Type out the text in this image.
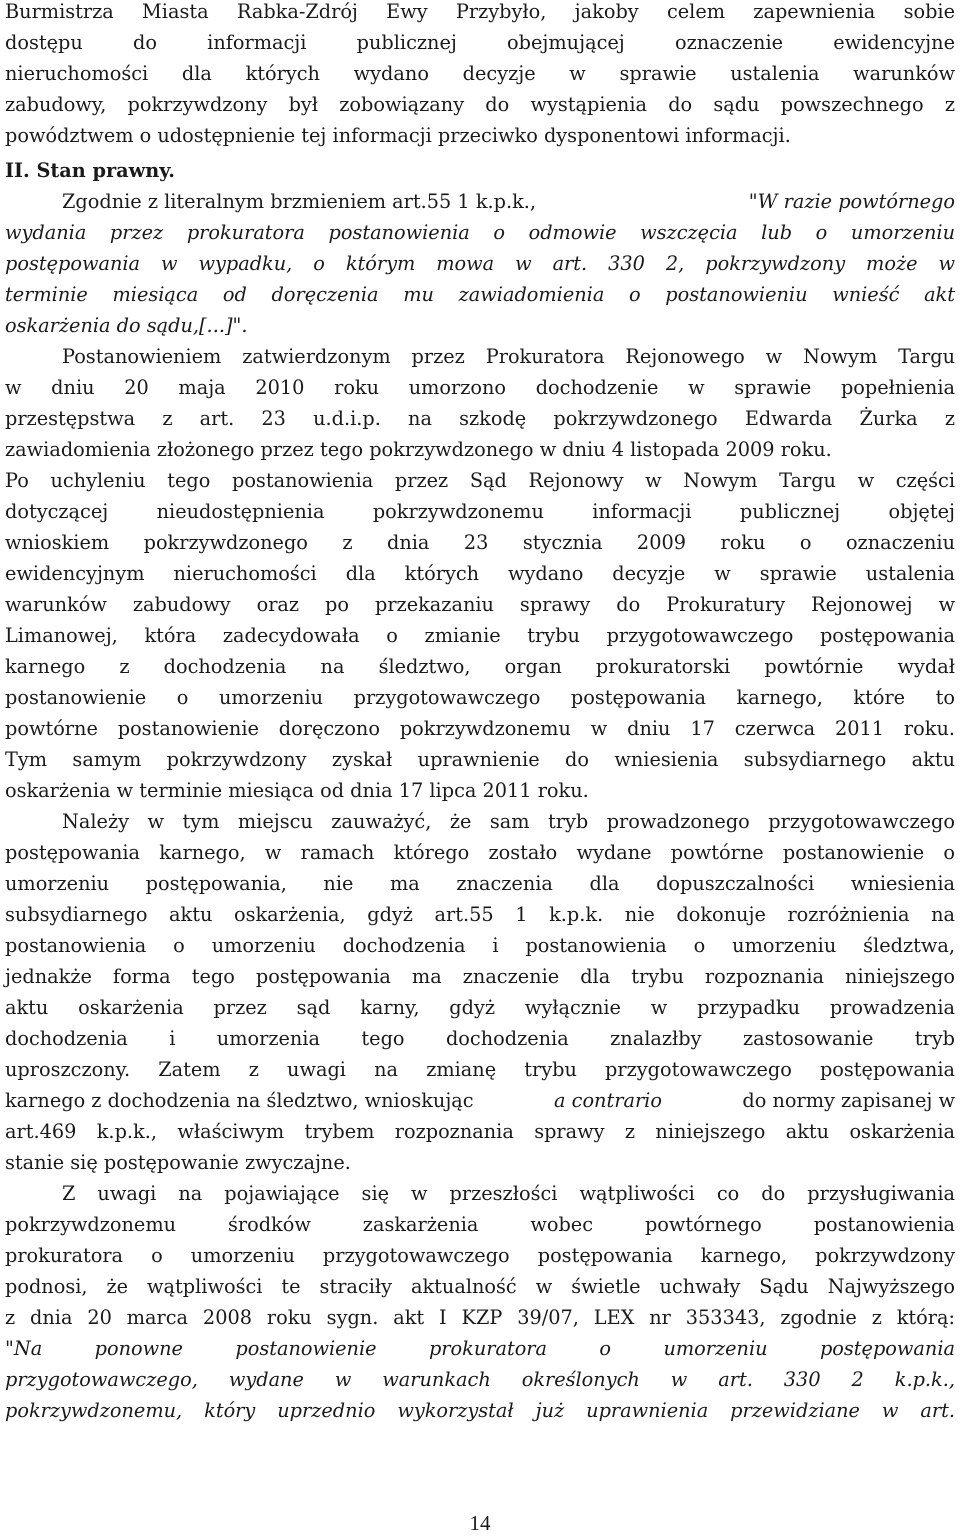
Burmistrza Miasta Rabka-Zdrój Ewy Przybyło, jakoby celem zapewnienia sobie
dostępu do informacji publicznej obejmującej oznaczenie ewidencyjne
nieruchomości dla których wydano decyzje w sprawie ustalenia warunków
zabudowy, pokrzywdzony był zobowiązany do wystąpienia do sądu powszechnego z
powództwem o udostępnienie tej informacji przeciwko dysponentowi informacji.
II. Stan prawny.
Zgodnie z literalnym brzmieniem art.55 1 k.p.k.,	"W razie powtórnego
wydania przez prokuratora postanowienia o odmowie wszczęcia lub o umorzeniu
postępowania w wypadku, o którym mowa w art. 330 2, pokrzywdzony może w
terminie miesiąca od doręczenia mu zawiadomienia o postanowieniu wnieść akt
oskarżenia do sądu,[...]".
Postanowieniem zatwierdzonym przez Prokuratora Rejonowego w Nowym Targu
w dniu 20 maja 2010 roku umorzono dochodzenie w sprawie popełnienia
przestępstwa z art. 23 u.d.i.p. na szkodę pokrzywdzonego Edwarda Żurka z
zawiadomienia złożonego przez tego pokrzywdzonego w dniu 4 listopada 2009 roku.
Po uchyleniu tego postanowienia przez Sąd Rejonowy w Nowym Targu w części
dotyczącej nieudostępnienia pokrzywdzonemu informacji publicznej objętej
wnioskiem pokrzywdzonego z dnia 23 stycznia 2009 roku o oznaczeniu
ewidencyjnym nieruchomości dla których wydano decyzje w sprawie ustalenia
warunków zabudowy oraz po przekazaniu sprawy do Prokuratury Rejonowej w
Limanowej, która zadecydowała o zmianie trybu przygotowawczego postępowania
karnego z dochodzenia na śledztwo, organ prokuratorski powtórnie wydał
postanowienie o umorzeniu przygotowawczego postępowania karnego, które to
powtórne postanowienie doręczono pokrzywdzonemu w dniu 17 czerwca 2011 roku.
Tym samym pokrzywdzony zyskał uprawnienie do wniesienia subsydiarnego aktu
oskarżenia w terminie miesiąca od dnia 17 lipca 2011 roku.
Należy w tym miejscu zauważyć, że sam tryb prowadzonego przygotowawczego
postępowania karnego, w ramach którego zostało wydane powtórne postanowienie o
umorzeniu postępowania, nie ma znaczenia dla dopuszczalności wniesienia
subsydiarnego aktu oskarżenia, gdyż art.55 1 k.p.k. nie dokonuje rozróżnienia na
postanowienia o umorzeniu dochodzenia i postanowienia o umorzeniu śledztwa,
jednakże forma tego postępowania ma znaczenie dla trybu rozpoznania niniejszego
aktu oskarżenia przez sąd karny, gdyż wyłącznie w przypadku prowadzenia
dochodzenia i umorzenia tego dochodzenia znalazłby zastosowanie tryb
uproszczony. Zatem z uwagi na zmianę trybu przygotowawczego postępowania
karnego z dochodzenia na śledztwo, wnioskując	a contrario	do normy zapisanej w
art.469 k.p.k., właściwym trybem rozpoznania sprawy z niniejszego aktu oskarżenia
stanie się postępowanie zwyczajne.
Z uwagi na pojawiające się w przeszłości wątpliwości co do przysługiwania
pokrzywdzonemu środków zaskarżenia wobec powtórnego postanowienia
prokuratora o umorzeniu przygotowawczego postępowania karnego, pokrzywdzony
podnosi, że wątpliwości te straciły aktualność w świetle uchwały Sądu Najwyższego
z dnia 20 marca 2008 roku sygn. akt I KZP 39/07, LEX nr 353343, zgodnie z którą:
"Na ponowne postanowienie prokuratora o umorzeniu postępowania
przygotowawczego, wydane w warunkach określonych w art. 330 2 k.p.k.,
pokrzywdzonemu, który uprzednio wykorzystał już uprawnienia przewidziane w art.
14
